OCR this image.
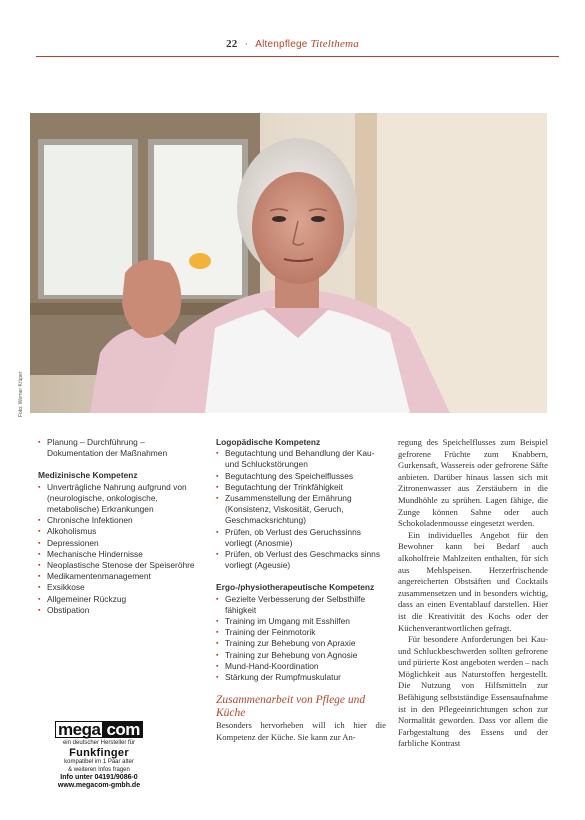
22 · Altenpflege Titelthema
Foto: Werner Krüper
▪ Planung – Durchführung –
Dokumentation der Maßnahmen

Medizinische Kompetenz

▪ Unverträgliche Nahrung aufgrund von (neurologische, onkologische, metabolische) Erkrankungen
▪ Chronische Infektionen
▪ Alkoholismus
▪ Depressionen
▪ Mechanische Hindernisse
▪ Neoplastische Stenose der Speiseröhre
▪ Medikamentenmanagement
▪ Exsikkose
▪ Allgemeiner Rückzug
▪ Obstipation

Logopädische Kompetenz

▪ Begutachtung und Behandlung der Kau- und Schluckstörungen
▪ Begutachtung des Speichelflusses
▪ Begutachtung der Trinkfähigkeit
▪ Zusammenstellung der Ernährung (Konsistenz, Viskosität, Geruch, Geschmacksrichtung)
▪ Prüfen, ob Verlust des Geruchssinns vorliegt (Anosmie)
▪ Prüfen, ob Verlust des Geschmacks sinns vorliegt (Ageusie)

Ergo-/physiotherapeutische Kompetenz

▪ Gezielte Verbesserung der Selbsthilfe fähigkeit
▪ Training im Umgang mit Esshilfen
▪ Training der Feinmotorik
▪ Training zur Behebung von Apraxie
▪ Training zur Behebung von Agnosie
▪ Mund-Hand-Koordination
▪ Stärkung der Rumpfmuskulatur

Zusammenarbeit von Pflege und Küche

Besonders hervorheben will ich hier die Kompetenz der Küche. Sie kann zur An-

regung des Speichelflusses zum Beispiel gefrorene Früchte zum Knabbern, Gurkensaft, Wassereis oder gefrorene Säfte anbieten. Darüber hinaus lassen sich mit Zitronenwasser aus Zerstäubern in die Mundhöhle zu sprühen. Lagen fähige, die Zunge können Sahne oder auch Schokoladenmousse eingesetzt werden.

Ein individuelles Angebot für den Bewohner kann bei Bedarf auch alkoholfreie Mahlzeiten enthalten, für sich aus Mehlspeisen. Herzerfrischende angereicherten Obstsäften und Cocktails zusammensetzen und in besonders wichtig, dass an einen Eventablauf darstellen. Hier ist die Kreativität des Kochs oder der Küchenverantwortlichen gefragt.

Für besondere Anforderungen bei Kau- und Schluckbeschwerden sollten gefrorene und pürierte Kost angeboten werden – nach Möglichkeit aus Naturstoffen hergestellt. Die Nutzung von Hilfsmitteln zur Befähigung selbstständige Essensaufnahme ist in den Pflegeeinrichtungen schon zur Normalität geworden. Dass vor allem die Farbgestaltung des Essens und der farbliche Kontrast

mega com
ein deutscher Hersteller für
Funkfinger
kompatibel im 1 Paar alter
& weiteren Infos fragen
Info unter 04191/9086-0
www.megacom-gmbh.de
